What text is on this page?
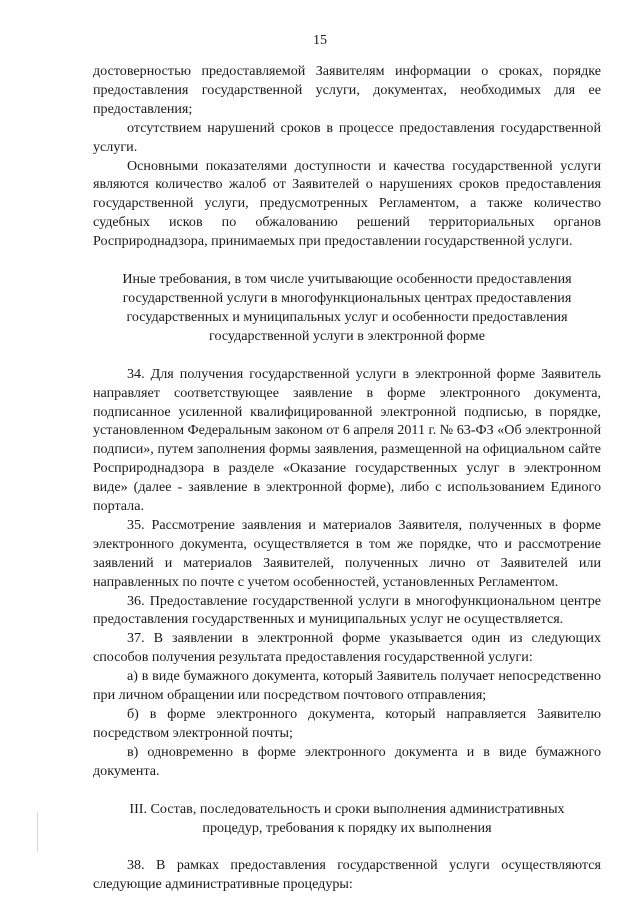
15

достоверностью предоставляемой Заявителям информации о сроках, порядке предоставления государственной услуги, документах, необходимых для ее предоставления;

отсутствием нарушений сроков в процессе предоставления государственной услуги.

Основными показателями доступности и качества государственной услуги являются количество жалоб от Заявителей о нарушениях сроков предоставления государственной услуги, предусмотренных Регламентом, а также количество судебных исков по обжалованию решений территориальных органов Росприроднадзора, принимаемых при предоставлении государственной услуги.

Иные требования, в том числе учитывающие особенности предоставления

государственной услуги в многофункциональных центрах предоставления

государственных и муниципальных услуг и особенности предоставления

государственной услуги в электронной форме

34. Для получения государственной услуги в электронной форме Заявитель направляет соответствующее заявление в форме электронного документа, подписанное усиленной квалифицированной электронной подписью, в порядке, установленном Федеральным законом от 6 апреля 2011 г. № 63-ФЗ «Об электронной подписи», путем заполнения формы заявления, размещенной на официальном сайте Росприроднадзора в разделе «Оказание государственных услуг в электронном виде» (далее - заявление в электронной форме), либо с использованием Единого портала.

35. Рассмотрение заявления и материалов Заявителя, полученных в форме электронного документа, осуществляется в том же порядке, что и рассмотрение заявлений и материалов Заявителей, полученных лично от Заявителей или направленных по почте с учетом особенностей, установленных Регламентом.

36. Предоставление государственной услуги в многофункциональном центре предоставления государственных и муниципальных услуг не осуществляется.

37. В заявлении в электронной форме указывается один из следующих способов получения результата предоставления государственной услуги:

а) в виде бумажного документа, который Заявитель получает непосредственно при личном обращении или посредством почтового отправления;

б) в форме электронного документа, который направляется Заявителю посредством электронной почты;

в) одновременно в форме электронного документа и в виде бумажного документа.

III. Состав, последовательность и сроки выполнения административных

процедур, требования к порядку их выполнения

38. В рамках предоставления государственной услуги осуществляются следующие административные процедуры:
